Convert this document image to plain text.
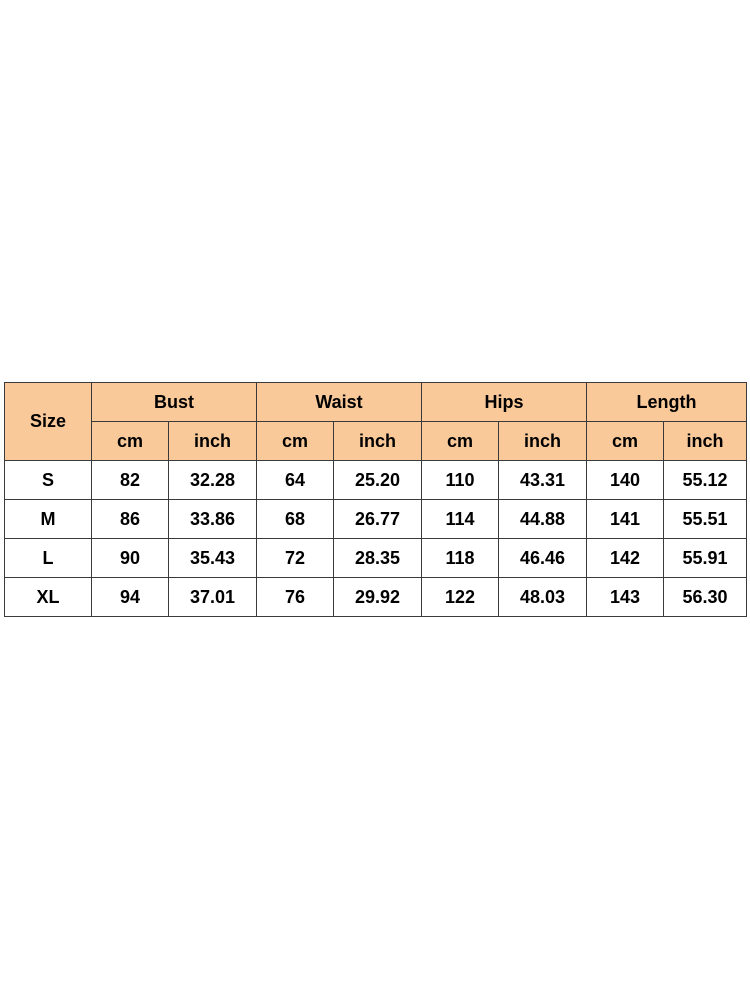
Size	Bust		Waist		Hips		Length	
	cm	inch	cm	inch	cm	inch	cm	inch
S	82	32.28	64	25.20	110	43.31	140	55.12
M	86	33.86	68	26.77	114	44.88	141	55.51
L	90	35.43	72	28.35	118	46.46	142	55.91
XL	94	37.01	76	29.92	122	48.03	143	56.30
